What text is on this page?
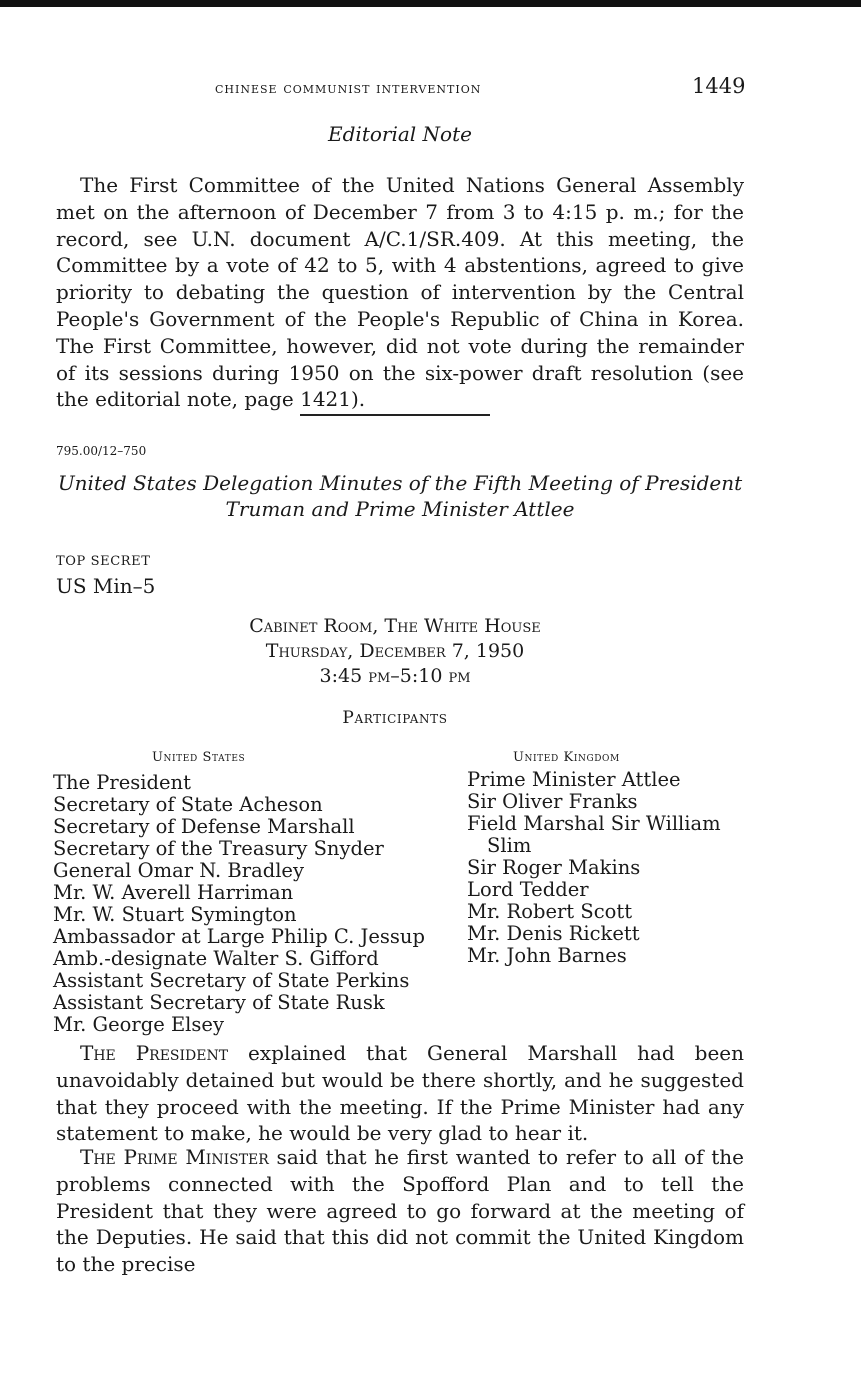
chinese communist intervention	1449
Editorial Note

The First Committee of the United Nations General Assembly met on the afternoon of December 7 from 3 to 4:15 p. m.; for the record, see U.N. document A/C.1/SR.409. At this meeting, the Committee by a vote of 42 to 5, with 4 abstentions, agreed to give priority to debating the question of intervention by the Central People's Government of the People's Republic of China in Korea. The First Committee, however, did not vote during the remainder of its sessions during 1950 on the six-power draft resolution (see the editorial note, page 1421).

795.00/12–750
United States Delegation Minutes of the Fifth Meeting of President Truman and Prime Minister Attlee
TOP SECRET
US Min–5
Cabinet Room, The White House
Thursday, December 7, 1950
3:45 pm–5:10 pm
Participants
United States	United Kingdom
The President
Secretary of State Acheson
Secretary of Defense Marshall
Secretary of the Treasury Snyder
General Omar N. Bradley
Mr. W. Averell Harriman
Mr. W. Stuart Symington
Ambassador at Large Philip C. Jessup
Amb.-designate Walter S. Gifford
Assistant Secretary of State Perkins
Assistant Secretary of State Rusk
Mr. George Elsey
Prime Minister Attlee
Sir Oliver Franks
Field Marshal Sir William
Slim
Sir Roger Makins
Lord Tedder
Mr. Robert Scott
Mr. Denis Rickett
Mr. John Barnes

The President explained that General Marshall had been unavoidably detained but would be there shortly, and he suggested that they proceed with the meeting. If the Prime Minister had any statement to make, he would be very glad to hear it.

The Prime Minister said that he first wanted to refer to all of the problems connected with the Spofford Plan and to tell the President that they were agreed to go forward at the meeting of the Deputies. He said that this did not commit the United Kingdom to the precise
